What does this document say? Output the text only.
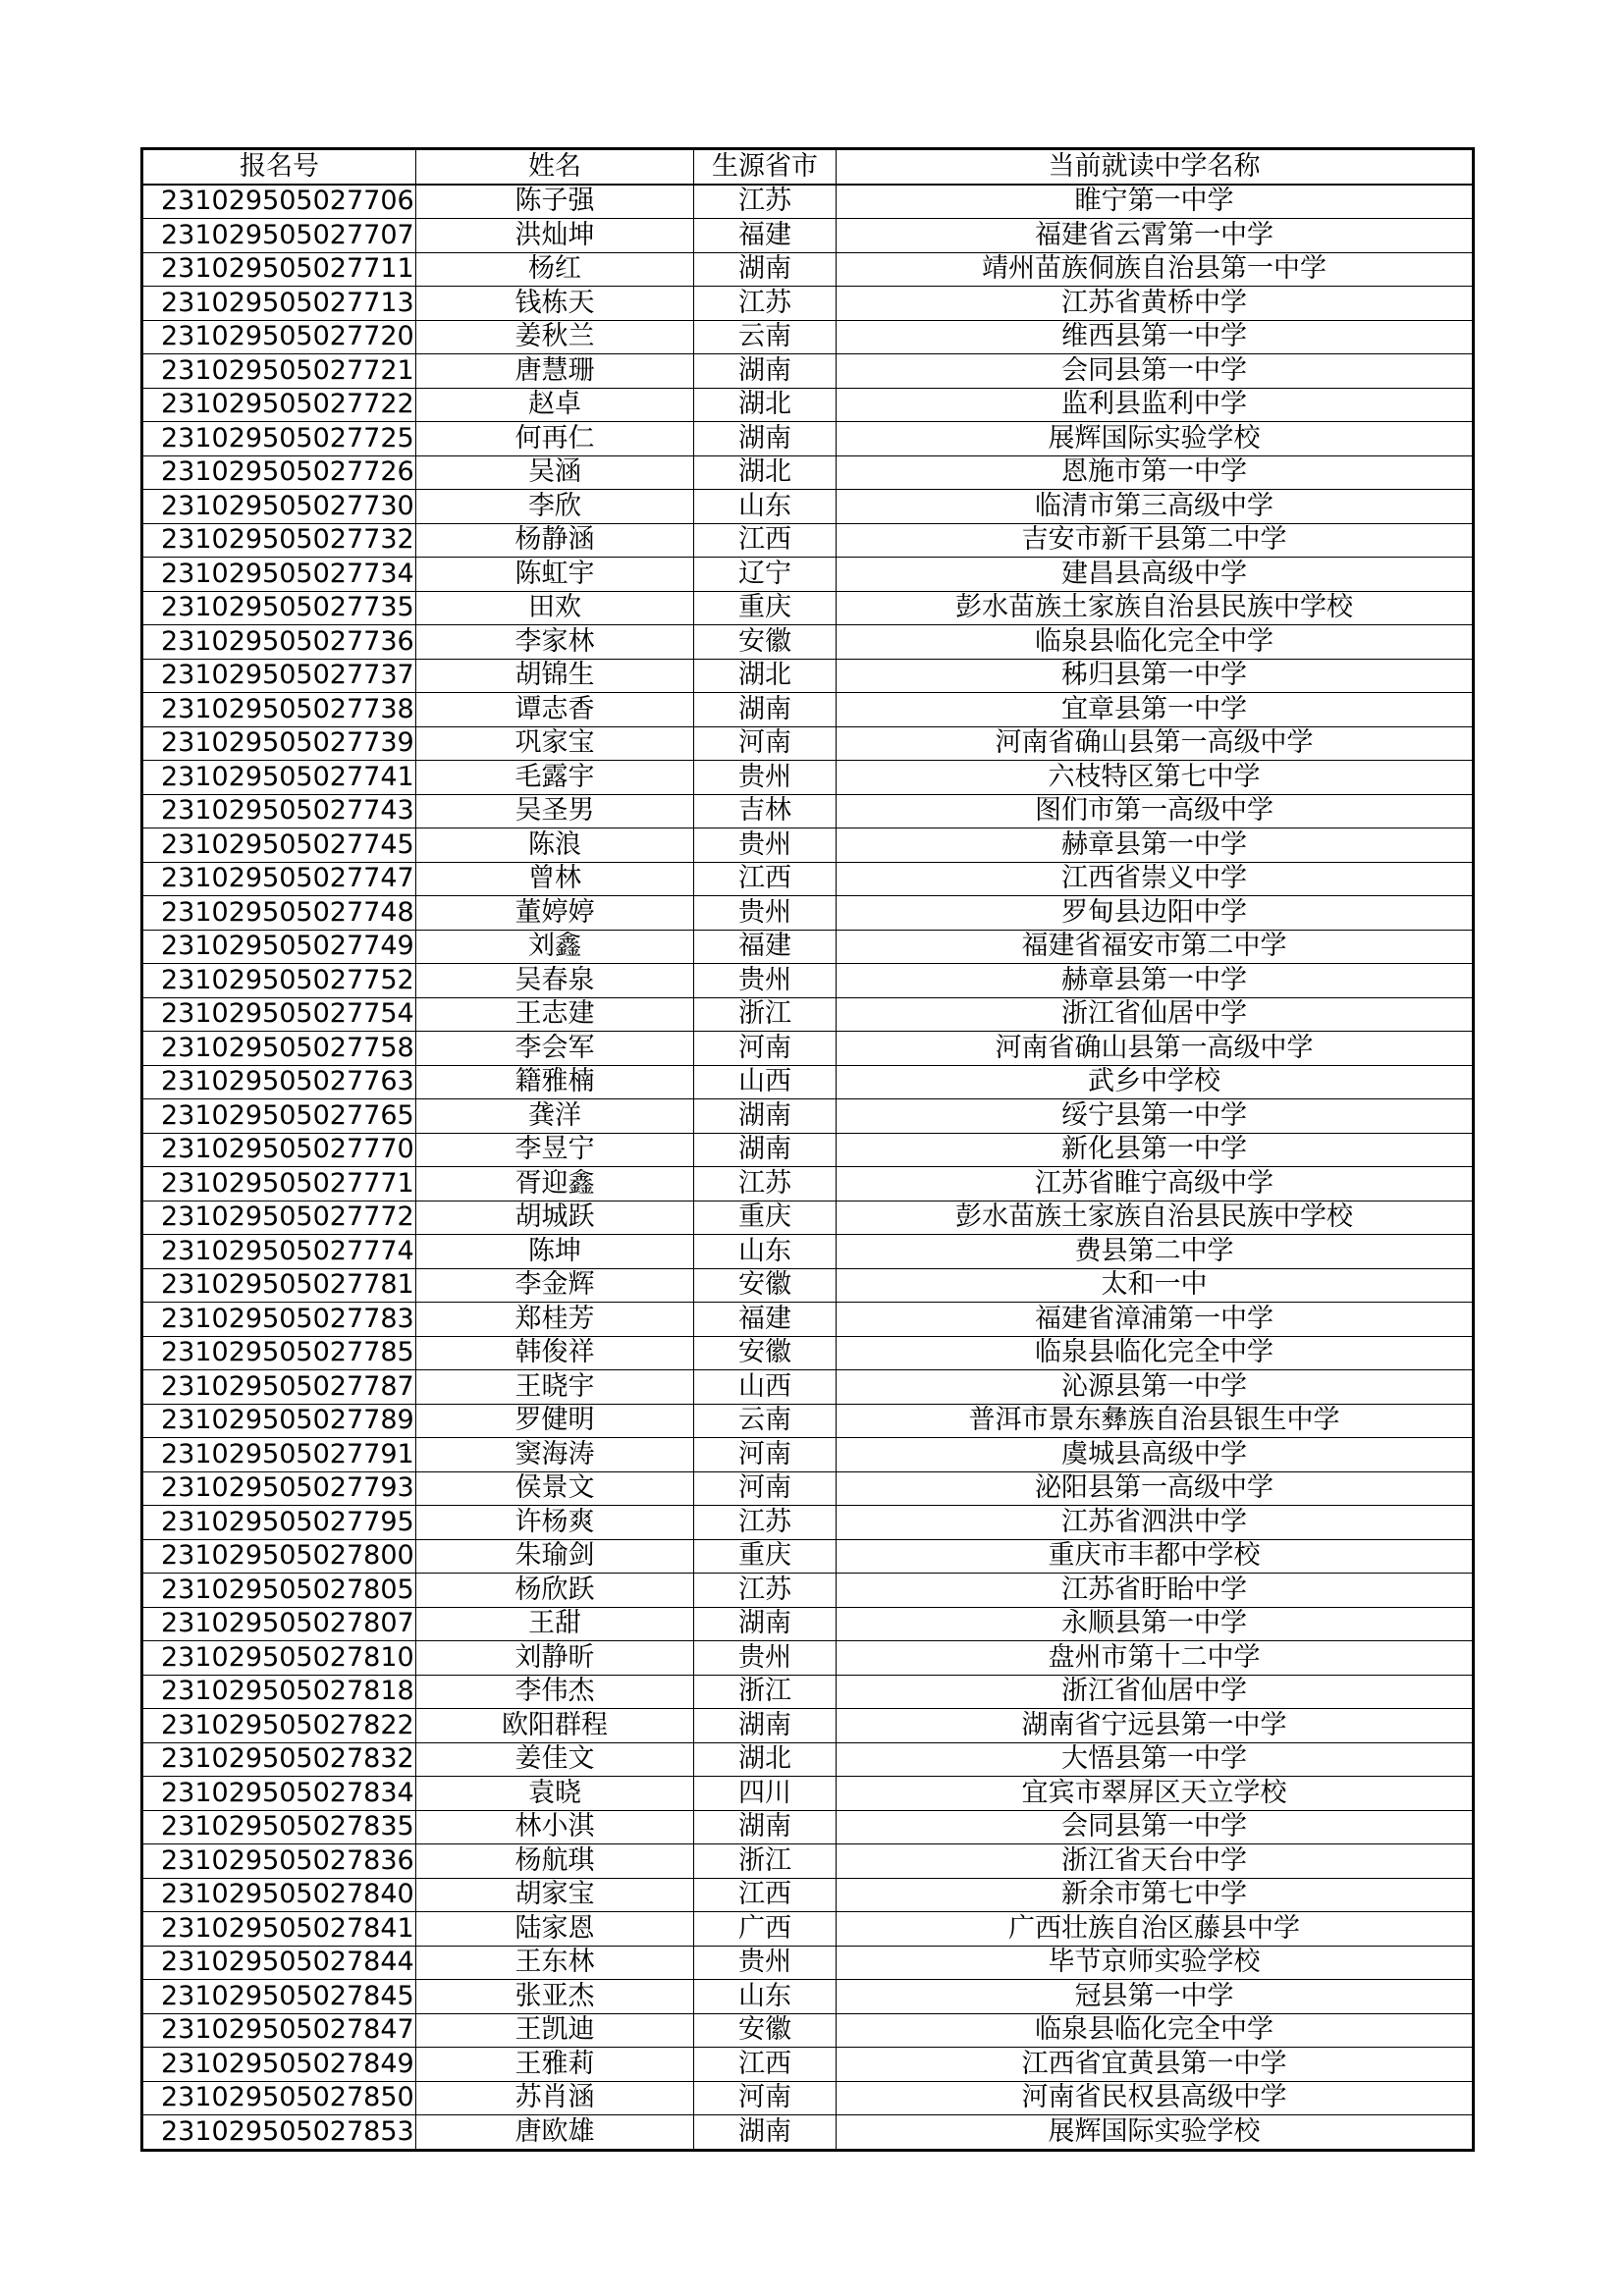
报名号	姓名	生源省市	当前就读中学名称
231029505027706	陈子强	江苏	睢宁第一中学
231029505027707	洪灿坤	福建	福建省云霄第一中学
231029505027711	杨红	湖南	靖州苗族侗族自治县第一中学
231029505027713	钱栋天	江苏	江苏省黄桥中学
231029505027720	姜秋兰	云南	维西县第一中学
231029505027721	唐慧珊	湖南	会同县第一中学
231029505027722	赵卓	湖北	监利县监利中学
231029505027725	何再仁	湖南	展辉国际实验学校
231029505027726	吴涵	湖北	恩施市第一中学
231029505027730	李欣	山东	临清市第三高级中学
231029505027732	杨静涵	江西	吉安市新干县第二中学
231029505027734	陈虹宇	辽宁	建昌县高级中学
231029505027735	田欢	重庆	彭水苗族土家族自治县民族中学校
231029505027736	李家林	安徽	临泉县临化完全中学
231029505027737	胡锦生	湖北	秭归县第一中学
231029505027738	谭志香	湖南	宜章县第一中学
231029505027739	巩家宝	河南	河南省确山县第一高级中学
231029505027741	毛露宇	贵州	六枝特区第七中学
231029505027743	吴圣男	吉林	图们市第一高级中学
231029505027745	陈浪	贵州	赫章县第一中学
231029505027747	曾林	江西	江西省崇义中学
231029505027748	董婷婷	贵州	罗甸县边阳中学
231029505027749	刘鑫	福建	福建省福安市第二中学
231029505027752	吴春泉	贵州	赫章县第一中学
231029505027754	王志建	浙江	浙江省仙居中学
231029505027758	李会军	河南	河南省确山县第一高级中学
231029505027763	籍雅楠	山西	武乡中学校
231029505027765	龚洋	湖南	绥宁县第一中学
231029505027770	李昱宁	湖南	新化县第一中学
231029505027771	胥迎鑫	江苏	江苏省睢宁高级中学
231029505027772	胡城跃	重庆	彭水苗族土家族自治县民族中学校
231029505027774	陈坤	山东	费县第二中学
231029505027781	李金辉	安徽	太和一中
231029505027783	郑桂芳	福建	福建省漳浦第一中学
231029505027785	韩俊祥	安徽	临泉县临化完全中学
231029505027787	王晓宇	山西	沁源县第一中学
231029505027789	罗健明	云南	普洱市景东彝族自治县银生中学
231029505027791	窦海涛	河南	虞城县高级中学
231029505027793	侯景文	河南	泌阳县第一高级中学
231029505027795	许杨爽	江苏	江苏省泗洪中学
231029505027800	朱瑜剑	重庆	重庆市丰都中学校
231029505027805	杨欣跃	江苏	江苏省盱眙中学
231029505027807	王甜	湖南	永顺县第一中学
231029505027810	刘静昕	贵州	盘州市第十二中学
231029505027818	李伟杰	浙江	浙江省仙居中学
231029505027822	欧阳群程	湖南	湖南省宁远县第一中学
231029505027832	姜佳文	湖北	大悟县第一中学
231029505027834	袁晓	四川	宜宾市翠屏区天立学校
231029505027835	林小淇	湖南	会同县第一中学
231029505027836	杨航琪	浙江	浙江省天台中学
231029505027840	胡家宝	江西	新余市第七中学
231029505027841	陆家恩	广西	广西壮族自治区藤县中学
231029505027844	王东林	贵州	毕节京师实验学校
231029505027845	张亚杰	山东	冠县第一中学
231029505027847	王凯迪	安徽	临泉县临化完全中学
231029505027849	王雅莉	江西	江西省宜黄县第一中学
231029505027850	苏肖涵	河南	河南省民权县高级中学
231029505027853	唐欧雄	湖南	展辉国际实验学校
